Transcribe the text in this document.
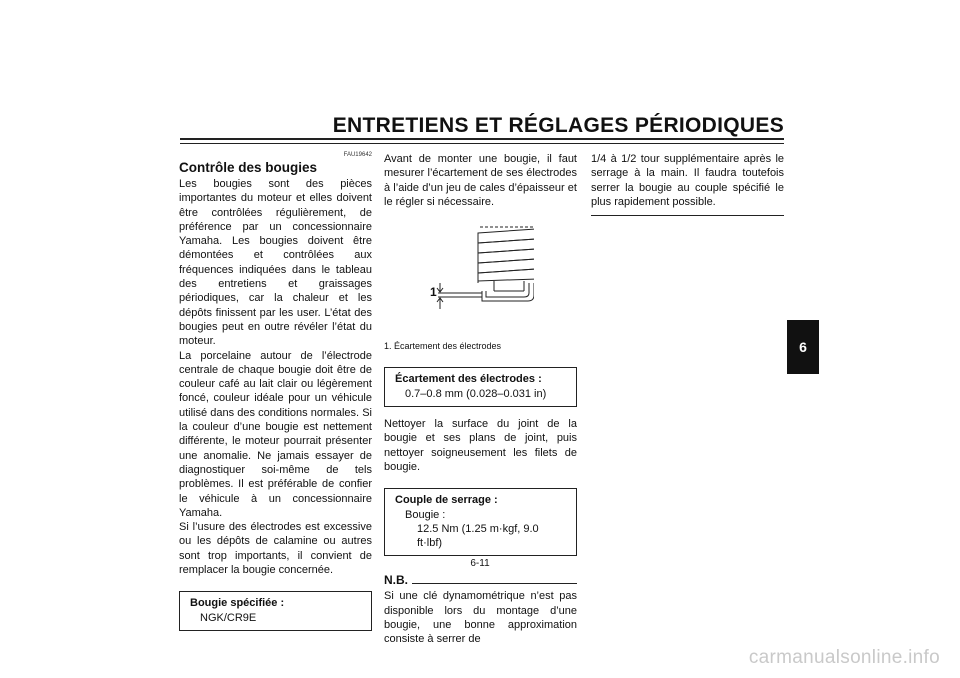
ENTRETIENS ET RÉGLAGES PÉRIODIQUES
FAU19642

Contrôle des bougies

Les bougies sont des pièces importantes du moteur et elles doivent être contrôlées régulièrement, de préférence par un concessionnaire Yamaha. Les bougies doivent être démontées et contrôlées aux fréquences indiquées dans le tableau des entretiens et graissages périodiques, car la chaleur et les dépôts finissent par les user. L’état des bougies peut en outre révéler l’état du moteur.

La porcelaine autour de l’électrode centrale de chaque bougie doit être de couleur café au lait clair ou légèrement foncé, couleur idéale pour un véhicule utilisé dans des conditions normales. Si la couleur d’une bougie est nettement différente, le moteur pourrait présenter une anomalie. Ne jamais essayer de diagnostiquer soi-même de tels problèmes. Il est préférable de confier le véhicule à un concessionnaire Yamaha.

Si l’usure des électrodes est excessive ou les dépôts de calamine ou autres sont trop importants, il convient de remplacer la bougie concernée.

Bougie spécifiée :
NGK/CR9E

Avant de monter une bougie, il faut mesurer l’écartement de ses électrodes à l’aide d’un jeu de cales d’épaisseur et le régler si nécessaire.

1

1. Écartement des électrodes

Écartement des électrodes :
0.7–0.8 mm (0.028–0.031 in)

Nettoyer la surface du joint de la bougie et ses plans de joint, puis nettoyer soigneusement les filets de bougie.

Couple de serrage :
Bougie :
12.5 Nm (1.25 m·kgf, 9.0 ft·lbf)
N.B.

Si une clé dynamométrique n’est pas disponible lors du montage d’une bougie, une bonne approximation consiste à serrer de

1/4 à 1/2 tour supplémentaire après le serrage à la main. Il faudra toutefois serrer la bougie au couple spécifié le plus rapidement possible.

6
6-11
carmanualsonline.info
